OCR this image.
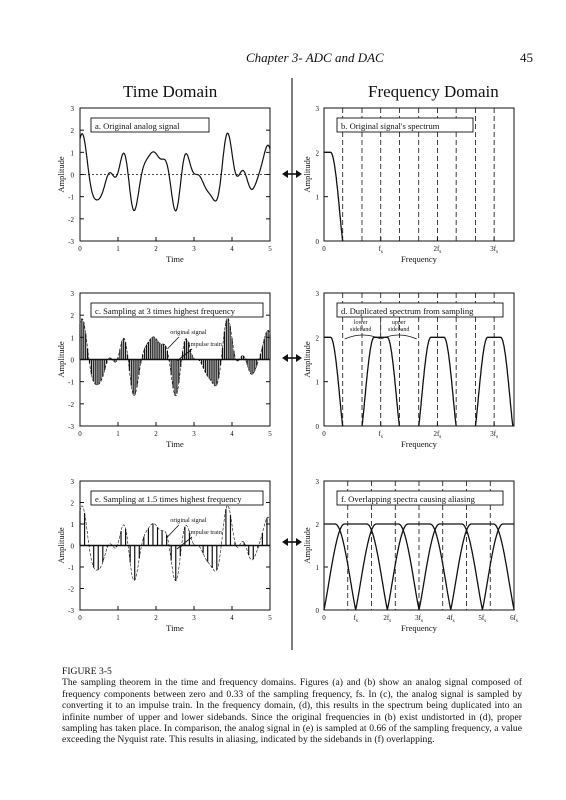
Chapter 3- ADC and DAC	45
Time Domain	Frequency Domain
3
2
1
0
-1
-2
-3
0	1	2	3	4	5
Time
Amplitude
a. Original analog signal
3
2
1
0
-1
-2
-3
0	1	2	3	4	5
Time
Amplitude
original signal
impulse train
c. Sampling at 3 times highest frequency
3
2
1
0
-1
-2
-3
0	1	2	3	4	5
Time
Amplitude
original signal
impulse train
e. Sampling at 1.5 times highest frequency
3
2
1
0
0	$f_s$	$2f_s$	$3f_s$
Frequency
Amplitude
b. Original signal's spectrum
3
2
1
0
0	$f_s$	$2f_s$	$3f_s$
Frequency
Amplitude
lower
sideband
upper
sideband
d. Duplicated spectrum from sampling
3
2
1
0
0	$f_s$	$2f_s$	$3f_s$	$4f_s$	$5f_s$	$6f_s$
Frequency
Amplitude
f. Overlapping spectra causing aliasing
FIGURE 3-5
The sampling theorem in the time and frequency domains. Figures (a) and (b) show an analog signal composed of frequency components between zero and 0.33 of the sampling frequency, fs. In (c), the analog signal is sampled by converting it to an impulse train. In the frequency domain, (d), this results in the spectrum being duplicated into an infinite number of upper and lower sidebands. Since the original frequencies in (b) exist undistorted in (d), proper sampling has taken place. In comparison, the analog signal in (e) is sampled at 0.66 of the sampling frequency, a value exceeding the Nyquist rate. This results in aliasing, indicated by the sidebands in (f) overlapping.
